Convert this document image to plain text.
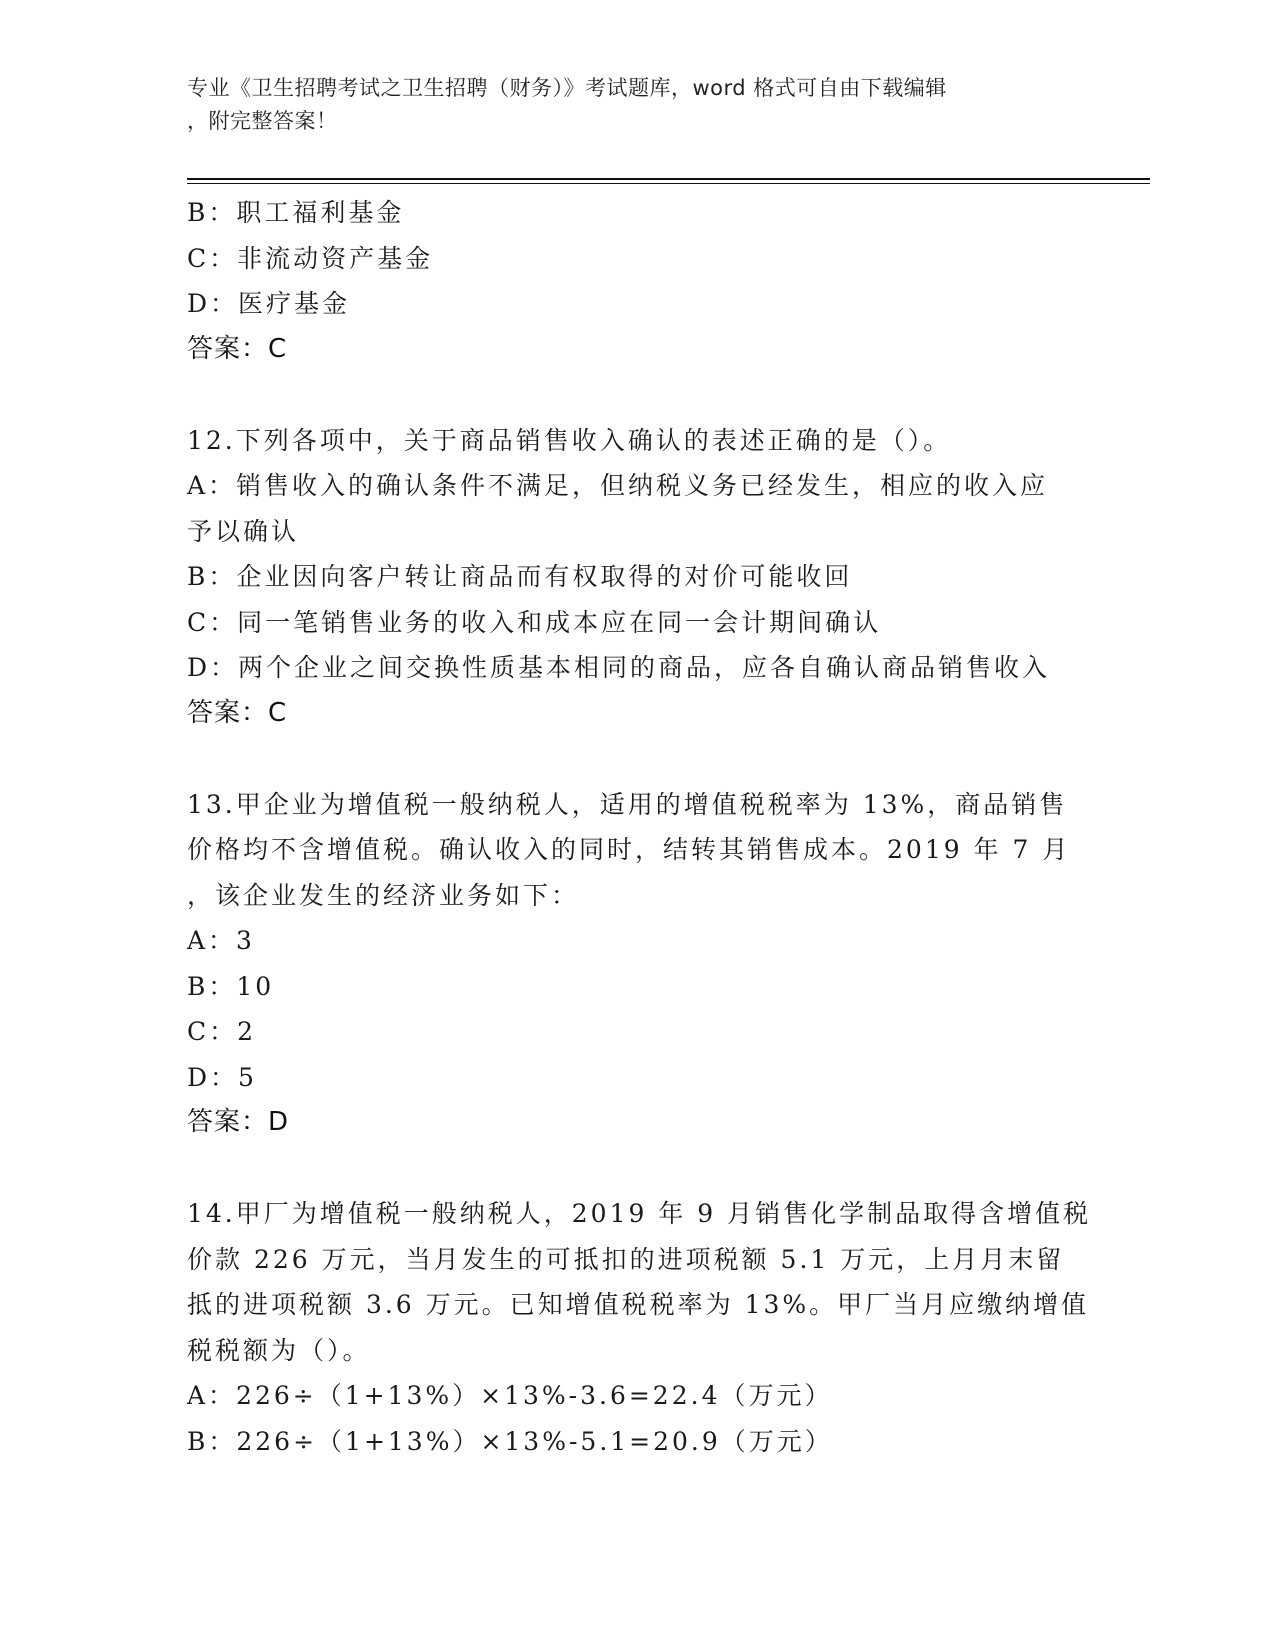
专业《卫生招聘考试之卫生招聘（财务）》考试题库，word 格式可自由下载编辑
，附完整答案！
B：职工福利基金
C：非流动资产基金
D：医疗基金
答案：C
12.下列各项中，关于商品销售收入确认的表述正确的是（）。
A：销售收入的确认条件不满足，但纳税义务已经发生，相应的收入应
予以确认
B：企业因向客户转让商品而有权取得的对价可能收回
C：同一笔销售业务的收入和成本应在同一会计期间确认
D：两个企业之间交换性质基本相同的商品，应各自确认商品销售收入
答案：C
13.甲企业为增值税一般纳税人，适用的增值税税率为 13%，商品销售
价格均不含增值税。确认收入的同时，结转其销售成本。2019 年 7 月
，该企业发生的经济业务如下：
A：3
B：10
C：2
D：5
答案：D
14.甲厂为增值税一般纳税人，2019 年 9 月销售化学制品取得含增值税
价款 226 万元，当月发生的可抵扣的进项税额 5.1 万元，上月月末留
抵的进项税额 3.6 万元。已知增值税税率为 13%。甲厂当月应缴纳增值
税税额为（）。
A：226÷（1+13%）×13%-3.6=22.4（万元）
B：226÷（1+13%）×13%-5.1=20.9（万元）
